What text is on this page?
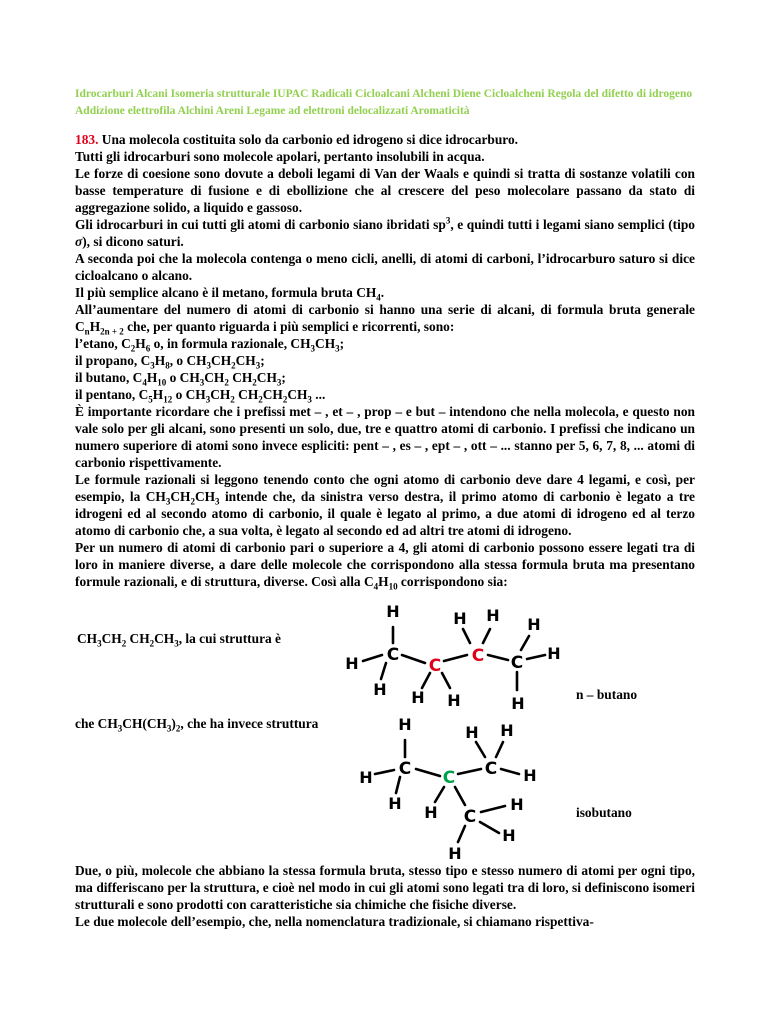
Idrocarburi Alcani Isomeria strutturale IUPAC Radicali Cicloalcani Alcheni Diene Cicloalcheni Regola del difetto di idrogeno Addizione elettrofila Alchini Areni Legame ad elettroni delocalizzati Aromaticità

183. Una molecola costituita solo da carbonio ed idrogeno si dice idrocarburo.

Tutti gli idrocarburi sono molecole apolari, pertanto insolubili in acqua.

Le forze di coesione sono dovute a deboli legami di Van der Waals e quindi si tratta di sostanze volatili con basse temperature di fusione e di ebollizione che al crescere del peso molecolare passano da stato di aggregazione solido, a liquido e gassoso.

Gli idrocarburi in cui tutti gli atomi di carbonio siano ibridati $sp^3$, e quindi tutti i legami siano semplici (tipo σ), si dicono saturi.

A seconda poi che la molecola contenga o meno cicli, anelli, di atomi di carboni, l’idrocarburo saturo si dice cicloalcano o alcano.

Il più semplice alcano è il metano, formula bruta $CH_4$.

All’aumentare del numero di atomi di carbonio si hanno una serie di alcani, di formula bruta generale $C_nH_{2n + 2}$ che, per quanto riguarda i più semplici e ricorrenti, sono:

l’etano, $C_2H_6$ o, in formula razionale, $CH_3CH_3$;

il propano, $C_3H_8$, o $CH_3CH_2CH_3$;

il butano, $C_4H_{10}$ o $CH_3CH_2$ $CH_2CH_3$;

il pentano, $C_5H_{12}$ o $CH_3CH_2$ $CH_2CH_2CH_3$ ...

È importante ricordare che i prefissi met – , et – , prop – e but – intendono che nella molecola, e questo non vale solo per gli alcani, sono presenti un solo, due, tre e quattro atomi di carbonio. I prefissi che indicano un numero superiore di atomi sono invece espliciti: pent – , es – , ept – , ott – ... stanno per 5, 6, 7, 8, ... atomi di carbonio rispettivamente.

Le formule razionali si leggono tenendo conto che ogni atomo di carbonio deve dare 4 legami, e così, per esempio, la $CH_3CH_2CH_3$ intende che, da sinistra verso destra, il primo atomo di carbonio è legato a tre idrogeni ed al secondo atomo di carbonio, il quale è legato al primo, a due atomi di idrogeno ed al terzo atomo di carbonio che, a sua volta, è legato al secondo ed ad altri tre atomi di idrogeno.

Per un numero di atomi di carbonio pari o superiore a 4, gli atomi di carbonio possono essere legati tra di loro in maniere diverse, a dare delle molecole che corrispondono alla stessa formula bruta ma presentano formule razionali, e di struttura, diverse. Così alla $C_4H_{10}$ corrispondono sia:

$CH_3CH_2$ $CH_2CH_3$, la cui struttura è
che $CH_3CH(CH_3)_2$, che ha invece struttura
n – butano
isobutano
C
C C C
H
H
H H H
H H H
H
H
C C C
C
H
H
H H
H H
H
H
H
H

Due, o più, molecole che abbiano la stessa formula bruta, stesso tipo e stesso numero di atomi per ogni tipo, ma differiscano per la struttura, e cioè nel modo in cui gli atomi sono legati tra di loro, si definiscono isomeri strutturali e sono prodotti con caratteristiche sia chimiche che fisiche diverse.

Le due molecole dell’esempio, che, nella nomenclatura tradizionale, si chiamano rispettiva-
